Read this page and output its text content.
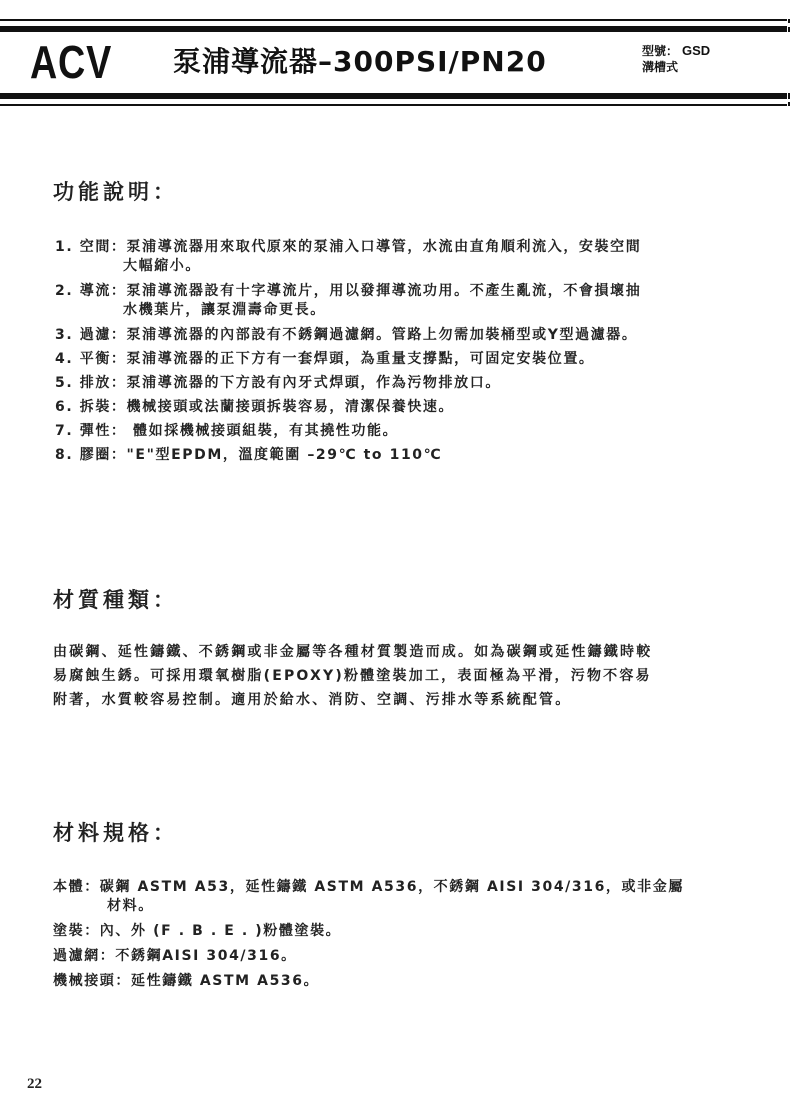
ACV 泵浦導流器–300PSI/PN20	型號： GSD
溝槽式
功能說明：
1. 空間：泵浦導流器用來取代原來的泵浦入口導管，水流由直角順利流入，安裝空間
大幅縮小。
2. 導流：泵浦導流器設有十字導流片，用以發揮導流功用。不產生亂流，不會損壞抽
水機葉片，讓泵淵壽命更長。
3. 過濾：泵浦導流器的內部設有不銹鋼過濾網。管路上勿需加裝桶型或Y型過濾器。
4. 平衡：泵浦導流器的正下方有一套焊頭，為重量支撐點，可固定安裝位置。
5. 排放：泵浦導流器的下方設有內牙式焊頭，作為污物排放口。
6. 拆裝：機械接頭或法蘭接頭拆裝容易，清潔保養快速。
7. 彈性： 體如採機械接頭組裝，有其撓性功能。
8. 膠圈："E"型EPDM，溫度範圍 –29℃ to 110℃
材質種類：

由碳鋼、延性鑄鐵、不銹鋼或非金屬等各種材質製造而成。如為碳鋼或延性鑄鐵時較
易腐蝕生銹。可採用環氧樹脂(EPOXY)粉體塗裝加工，表面極為平滑，污物不容易
附著，水質較容易控制。適用於給水、消防、空調、污排水等系統配管。

材料規格：
本體：碳鋼 ASTM A53，延性鑄鐵 ASTM A536，不銹鋼 AISI 304/316，或非金屬
材料。
塗裝：內、外 (F . B . E . )粉體塗裝。
過濾網：不銹鋼AISI 304/316。
機械接頭：延性鑄鐵 ASTM A536。
22
